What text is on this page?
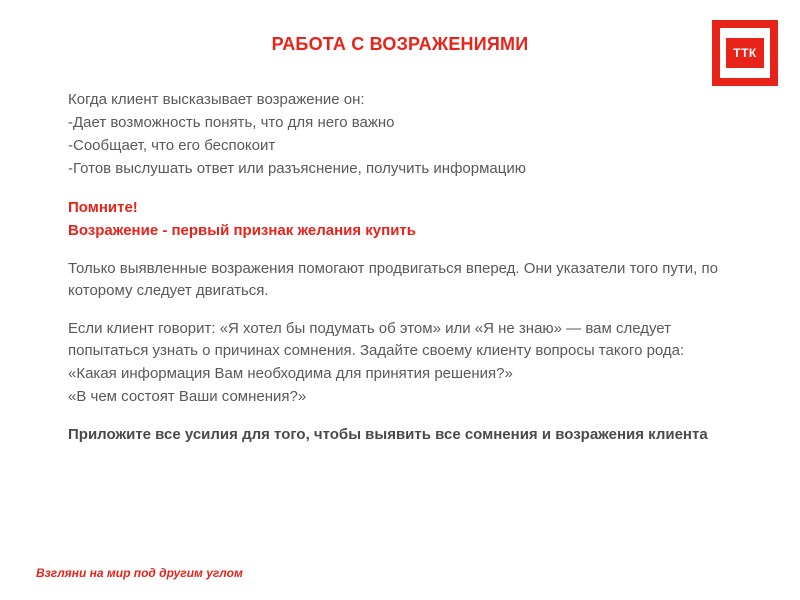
РАБОТА С ВОЗРАЖЕНИЯМИ	ТТК
Когда клиент высказывает возражение он:
-Дает возможность понять, что для него важно
-Сообщает, что его беспокоит
-Готов выслушать ответ или разъяснение, получить информацию
Помните!
Возражение - первый признак желания купить
Только выявленные возражения помогают продвигаться вперед. Они указатели того пути, по которому следует двигаться.
Если клиент говорит: «Я хотел бы подумать об этом» или «Я не знаю» — вам следует попытаться узнать о причинах сомнения. Задайте своему клиенту вопросы такого рода:
«Какая информация Вам необходима для принятия решения?»
«В чем состоят Ваши сомнения?»
Приложите все усилия для того, чтобы выявить все сомнения и возражения клиента
Взгляни на мир под другим углом
